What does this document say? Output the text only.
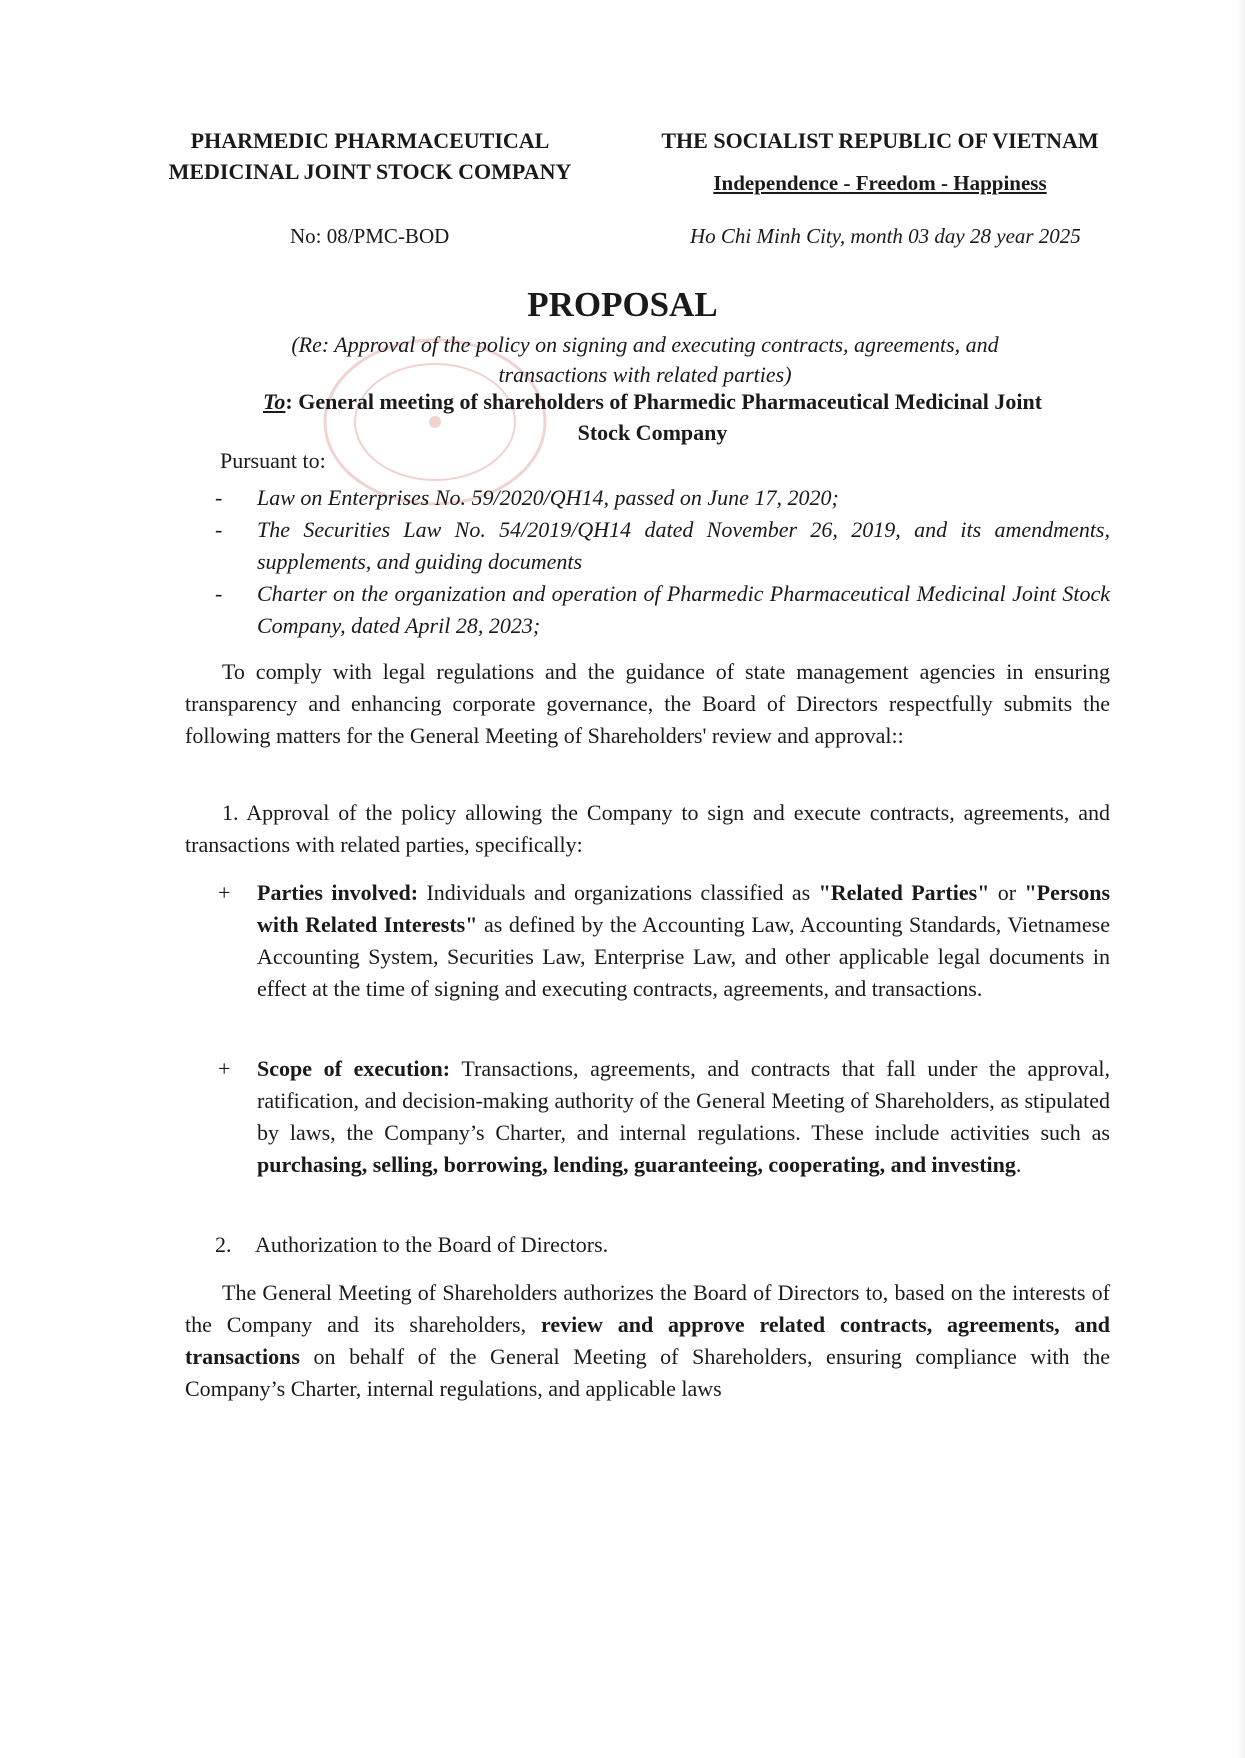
PHARMEDIC PHARMACEUTICAL
MEDICINAL JOINT STOCK COMPANY
THE SOCIALIST REPUBLIC OF VIETNAM
Independence - Freedom - Happiness
No: 08/PMC-BOD	Ho Chi Minh City, month 03 day 28 year 2025
PROPOSAL
(Re: Approval of the policy on signing and executing contracts, agreements, and
transactions with related parties)
To: General meeting of shareholders of Pharmedic Pharmaceutical Medicinal Joint
Stock Company
Pursuant to:
- Law on Enterprises No. 59/2020/QH14, passed on June 17, 2020;
- The Securities Law No. 54/2019/QH14 dated November 26, 2019, and its amendments, supplements, and guiding documents
- Charter on the organization and operation of Pharmedic Pharmaceutical Medicinal Joint Stock Company, dated April 28, 2023;
To comply with legal regulations and the guidance of state management agencies in ensuring transparency and enhancing corporate governance, the Board of Directors respectfully submits the following matters for the General Meeting of Shareholders' review and approval::
1. Approval of the policy allowing the Company to sign and execute contracts, agreements, and transactions with related parties, specifically:
+ Parties involved: Individuals and organizations classified as "Related Parties" or "Persons with Related Interests" as defined by the Accounting Law, Accounting Standards, Vietnamese Accounting System, Securities Law, Enterprise Law, and other applicable legal documents in effect at the time of signing and executing contracts, agreements, and transactions.
+ Scope of execution: Transactions, agreements, and contracts that fall under the approval, ratification, and decision-making authority of the General Meeting of Shareholders, as stipulated by laws, the Company’s Charter, and internal regulations. These include activities such as purchasing, selling, borrowing, lending, guaranteeing, cooperating, and investing.
2. Authorization to the Board of Directors.
The General Meeting of Shareholders authorizes the Board of Directors to, based on the interests of the Company and its shareholders, review and approve related contracts, agreements, and transactions on behalf of the General Meeting of Shareholders, ensuring compliance with the Company’s Charter, internal regulations, and applicable laws
